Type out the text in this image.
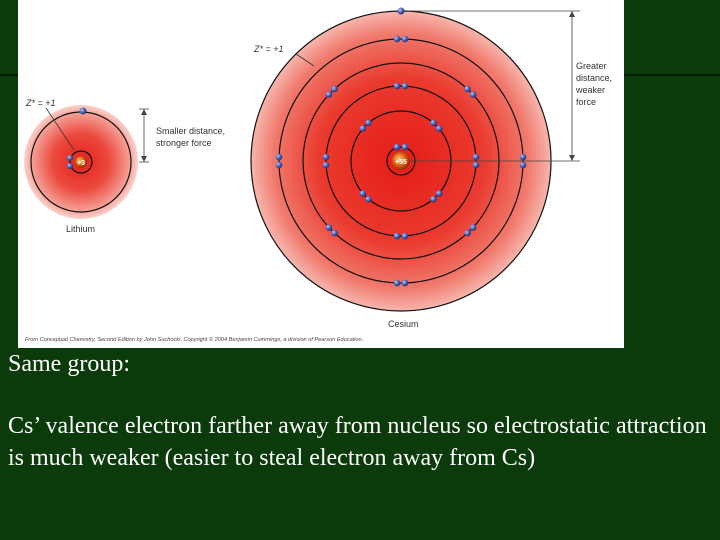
+3
Z* = +1
Lithium
Smaller distance,
stronger force
+55
Z* = +1
Cesium
Greater
distance,
weaker
force
From Conceptual Chemistry, Second Edition by John Suchocki. Copyright © 2004 Benjamin Cummings, a division of Pearson Education.

Same group:

Cs’ valence electron farther away from nucleus so electrostatic attraction is much weaker (easier to steal electron away from Cs)
